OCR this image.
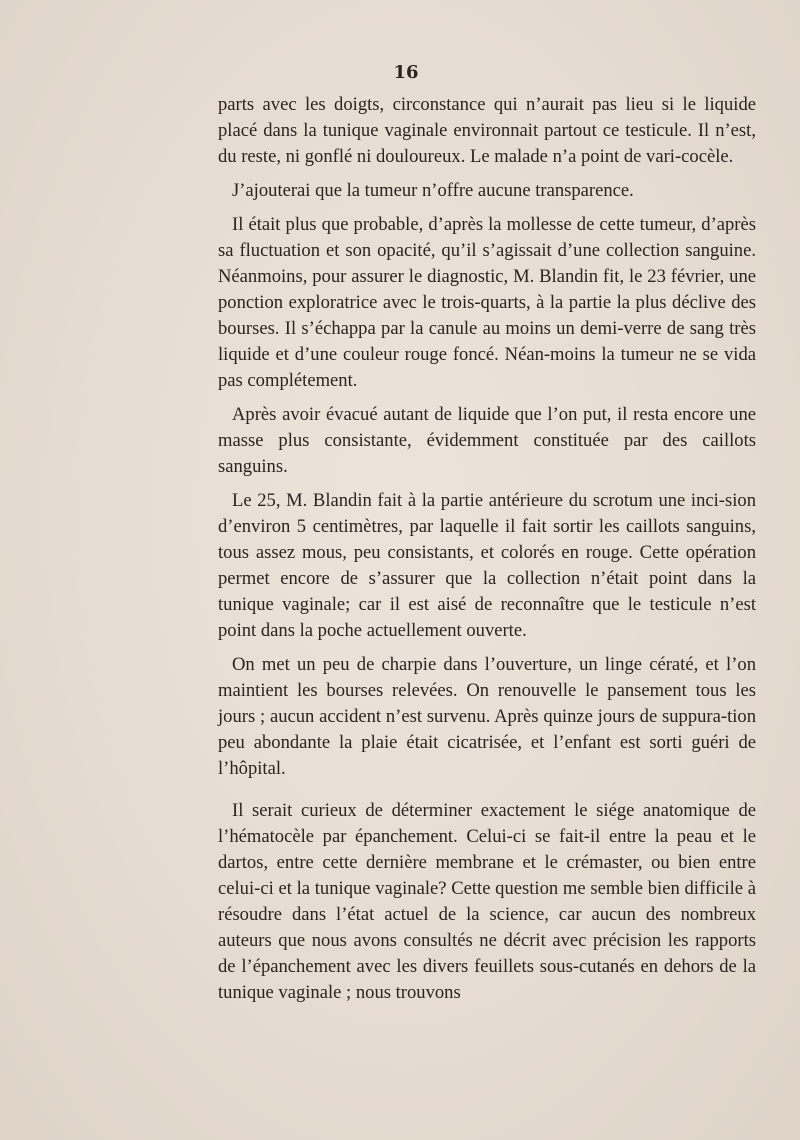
16

parts avec les doigts, circonstance qui n’aurait pas lieu si le liquide placé dans la tunique vaginale environnait partout ce testicule. Il n’est, du reste, ni gonflé ni douloureux. Le malade n’a point de vari-cocèle.

J’ajouterai que la tumeur n’offre aucune transparence.

Il était plus que probable, d’après la mollesse de cette tumeur, d’après sa fluctuation et son opacité, qu’il s’agissait d’une collection sanguine. Néanmoins, pour assurer le diagnostic, M. Blandin fit, le 23 février, une ponction exploratrice avec le trois-quarts, à la partie la plus déclive des bourses. Il s’échappa par la canule au moins un demi-verre de sang très liquide et d’une couleur rouge foncé. Néan-moins la tumeur ne se vida pas complétement.

Après avoir évacué autant de liquide que l’on put, il resta encore une masse plus consistante, évidemment constituée par des caillots sanguins.

Le 25, M. Blandin fait à la partie antérieure du scrotum une inci-sion d’environ 5 centimètres, par laquelle il fait sortir les caillots sanguins, tous assez mous, peu consistants, et colorés en rouge. Cette opération permet encore de s’assurer que la collection n’était point dans la tunique vaginale; car il est aisé de reconnaître que le testicule n’est point dans la poche actuellement ouverte.

On met un peu de charpie dans l’ouverture, un linge cératé, et l’on maintient les bourses relevées. On renouvelle le pansement tous les jours ; aucun accident n’est survenu. Après quinze jours de suppura-tion peu abondante la plaie était cicatrisée, et l’enfant est sorti guéri de l’hôpital.

Il serait curieux de déterminer exactement le siége anatomique de l’hématocèle par épanchement. Celui-ci se fait-il entre la peau et le dartos, entre cette dernière membrane et le crémaster, ou bien entre celui-ci et la tunique vaginale? Cette question me semble bien difficile à résoudre dans l’état actuel de la science, car aucun des nombreux auteurs que nous avons consultés ne décrit avec précision les rapports de l’épanchement avec les divers feuillets sous-cutanés en dehors de la tunique vaginale ; nous trouvons
